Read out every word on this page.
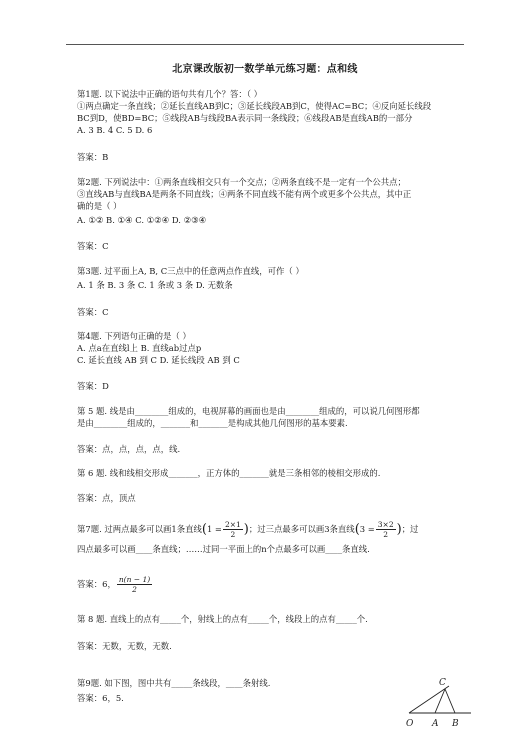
北京课改版初一数学单元练习题：点和线
第1题. 以下说法中正确的语句共有几个？答：（ ）
①两点确定一条直线；②延长直线AB到C；③延长线段AB到C，使得AC=BC；④反向延长线段
BC到D，使BD=BC；⑤线段AB与线段BA表示同一条线段；⑥线段AB是直线AB的一部分
A. 3 B. 4 C. 5 D. 6
答案：B
第2题. 下列说法中：①两条直线相交只有一个交点；②两条直线不是一定有一个公共点；
③直线AB与直线BA是两条不同直线；④两条不同直线不能有两个或更多个公共点，其中正
确的是（ ）
A. ①② B. ①④ C. ①②④ D. ②③④
答案：C
第3题. 过平面上A, B, C三点中的任意两点作直线，可作（ ）
A. 1 条 B. 3 条 C. 1 条或 3 条 D. 无数条
答案：C
第4题. 下列语句正确的是（ ）
A. 点a在直线l上 B. 直线ab过点p
C. 延长直线 AB 到 C D. 延长线段 AB 到 C
答案：D
第 5 题. 线是由________组成的，电视屏幕的画面也是由________组成的，可以说几何图形都
是由________组成的，_______和_______是构成其他几何图形的基本要素.
答案：点，点，点，点，线.
第 6 题. 线和线相交形成_______，正方体的_______就是三条相邻的棱相交形成的.
答案：点，顶点
第7题. 过两点最多可以画1条直线($1 = \frac{2\times 1}{2}$ )；过三点最多可以画3条直线($3 = \frac{3\times 2}{2}$ )；过
四点最多可以画____条直线；……过同一平面上的n个点最多可以画____条直线.
答案：6， $\frac{n(n - 1)}{2}$
第 8 题. 直线上的点有_____个，射线上的点有_____个，线段上的点有_____个.
答案：无数，无数，无数.
第9题. 如下图，图中共有_____条线段，____条射线.
答案：6，5.
O A B
C
